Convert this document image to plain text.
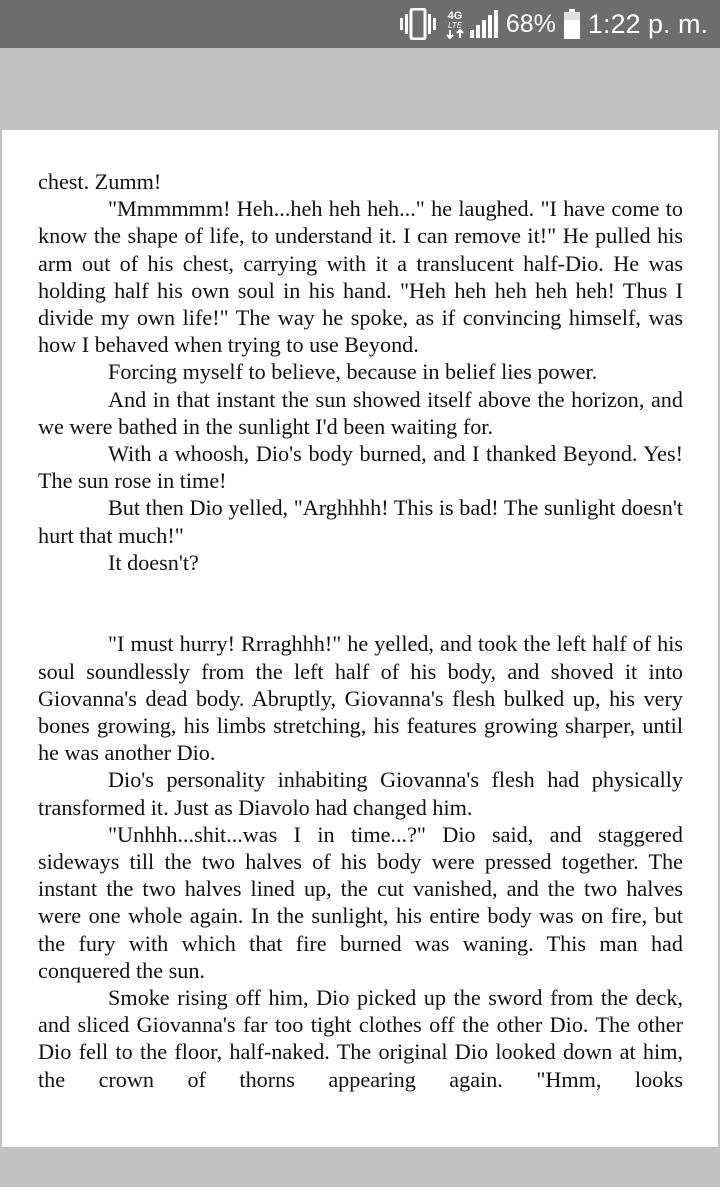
4G
LTE 68% 1:22 p. m.

chest. Zumm!

"Mmmmmm! Heh...heh heh heh..." he laughed. "I have come to know the shape of life, to understand it. I can remove it!" He pulled his arm out of his chest, carrying with it a translucent half-Dio. He was holding half his own soul in his hand. "Heh heh heh heh heh! Thus I divide my own life!" The way he spoke, as if convincing himself, was how I behaved when trying to use Beyond.

Forcing myself to believe, because in belief lies power.

And in that instant the sun showed itself above the horizon, and we were bathed in the sunlight I'd been waiting for.

With a whoosh, Dio's body burned, and I thanked Beyond. Yes! The sun rose in time!

But then Dio yelled, "Arghhhh! This is bad! The sunlight doesn't hurt that much!"

It doesn't?

"I must hurry! Rrraghhh!" he yelled, and took the left half of his soul soundlessly from the left half of his body, and shoved it into Giovanna's dead body. Abruptly, Giovanna's flesh bulked up, his very bones growing, his limbs stretching, his features growing sharper, until he was another Dio.

Dio's personality inhabiting Giovanna's flesh had physically transformed it. Just as Diavolo had changed him.

"Unhhh...shit...was I in time...?" Dio said, and staggered sideways till the two halves of his body were pressed together. The instant the two halves lined up, the cut vanished, and the two halves were one whole again. In the sunlight, his entire body was on fire, but the fury with which that fire burned was waning. This man had conquered the sun.

Smoke rising off him, Dio picked up the sword from the deck, and sliced Giovanna's far too tight clothes off the other Dio. The other Dio fell to the floor, half-naked. The original Dio looked down at him, the crown of thorns appearing again. "Hmm, looks
